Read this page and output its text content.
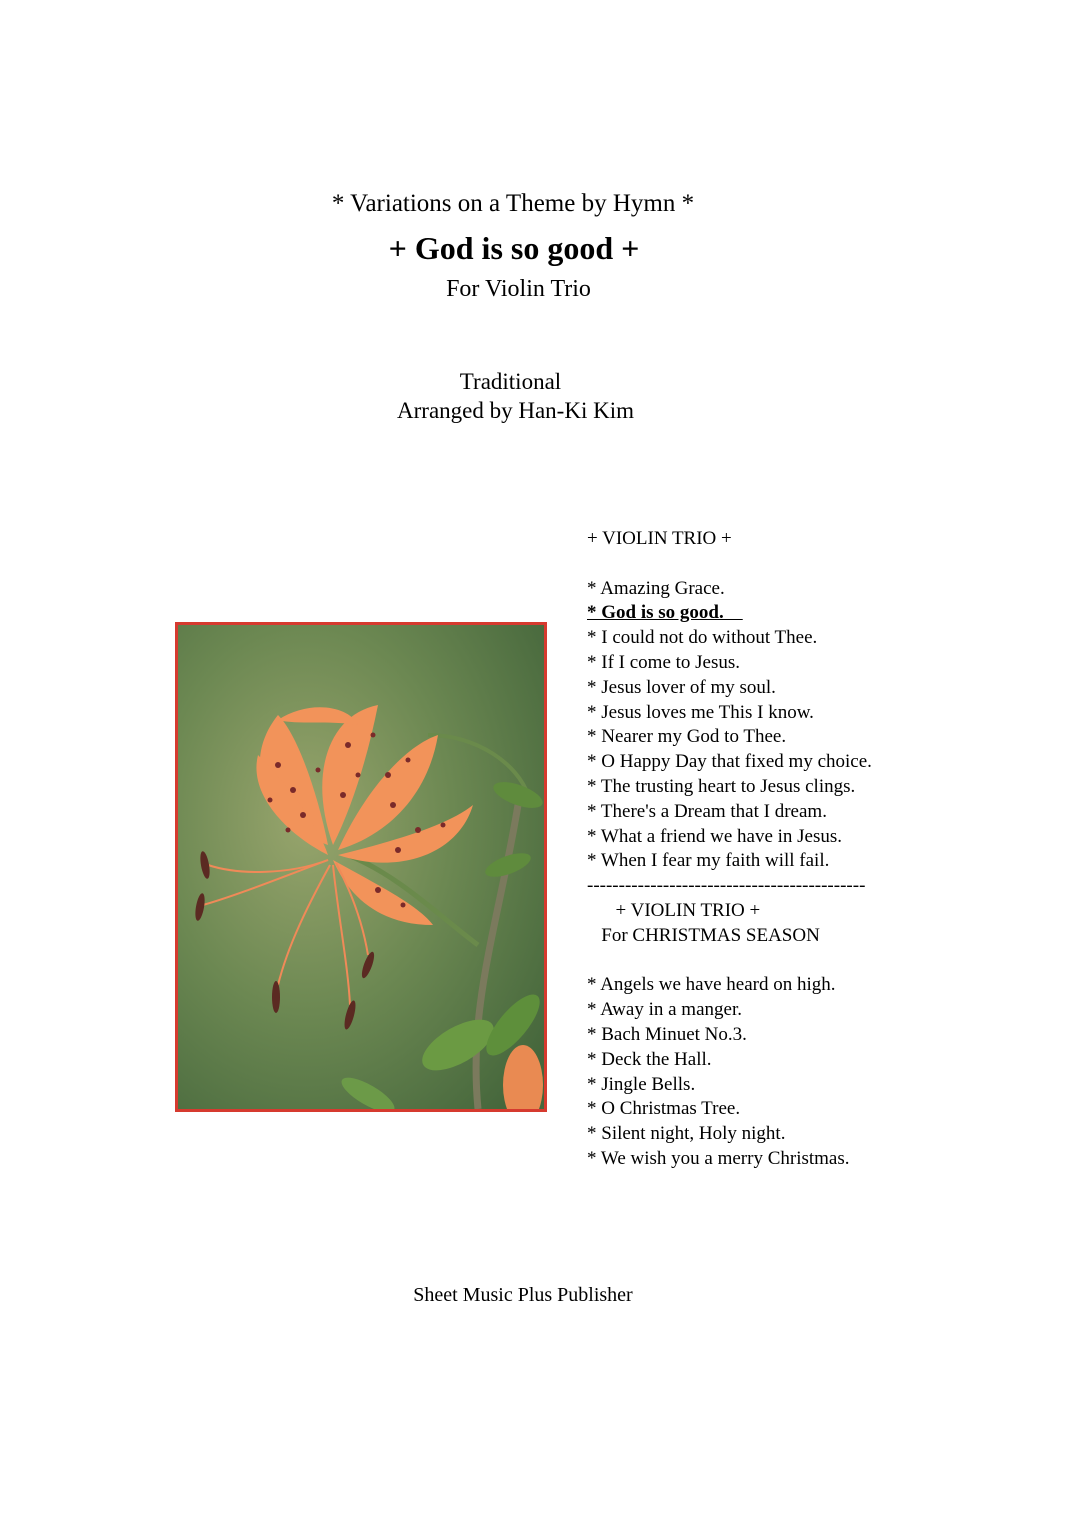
* Variations on a Theme by Hymn *
+ God is so good +
For Violin Trio
Traditional
Arranged by Han-Ki Kim
+ VIOLIN TRIO +
* Amazing Grace.
* God is so good.
* I could not do without Thee.
* If I come to Jesus.
* Jesus lover of my soul.
* Jesus loves me This I know.
* Nearer my God to Thee.
* O Happy Day that fixed my choice.
* The trusting heart to Jesus clings.
* There's a Dream that I dream.
* What a friend we have in Jesus.
* When I fear my faith will fail.
--------------------------------------------
+ VIOLIN TRIO +
For CHRISTMAS SEASON
* Angels we have heard on high.
* Away in a manger.
* Bach Minuet No.3.
* Deck the Hall.
* Jingle Bells.
* O Christmas Tree.
* Silent night, Holy night.
* We wish you a merry Christmas.
Sheet Music Plus Publisher
